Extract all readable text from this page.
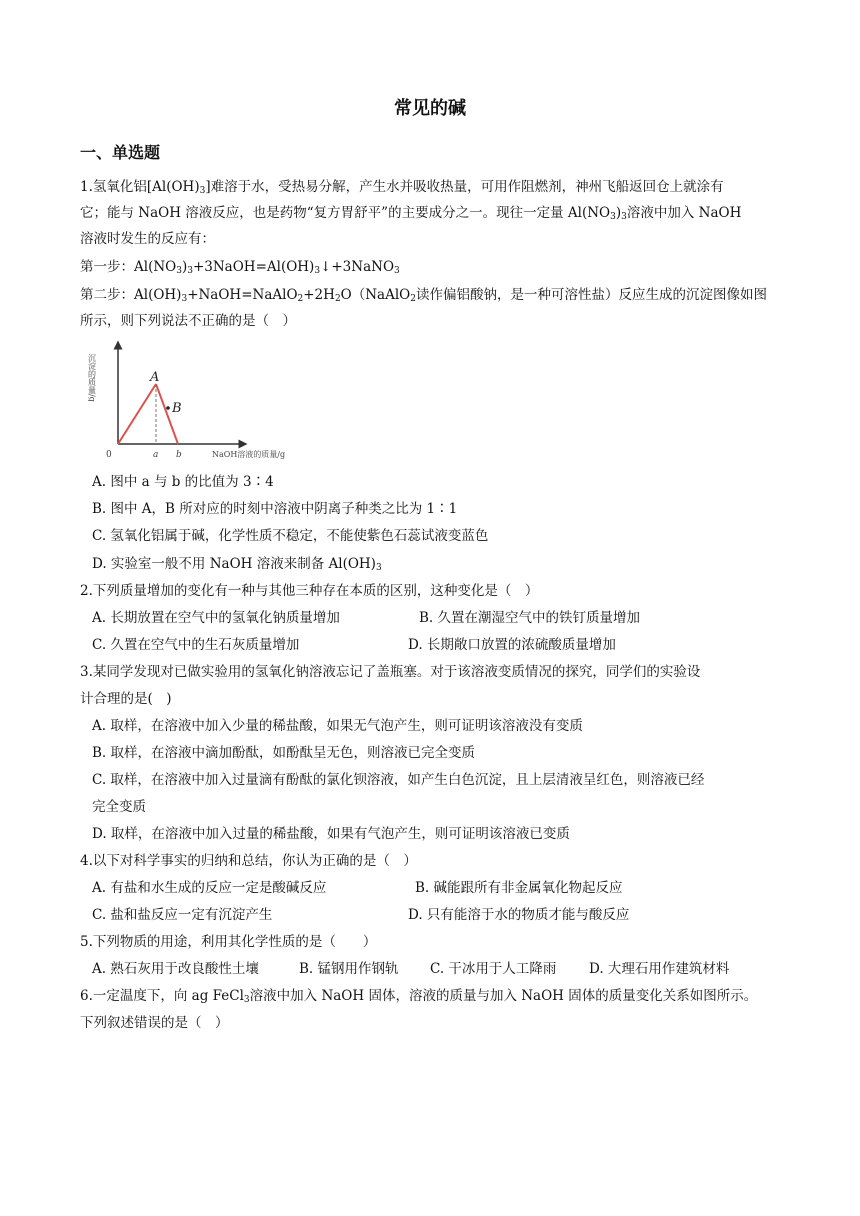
常见的碱
一、单选题
1.氢氧化铝$[Al(OH)_3]$难溶于水，受热易分解，产生水并吸收热量，可用作阻燃剂，神州飞船返回仓上就涂有
它；能与 NaOH 溶液反应，也是药物“复方胃舒平”的主要成分之一。现往一定量 $Al(NO_3)_3$溶液中加入 NaOH
溶液时发生的反应有：
第一步：$Al(NO_3)_3+3NaOH=Al(OH)_3↓+3NaNO_3$
第二步：$Al(OH)_3+NaOH=NaAlO_2+2H_2O(NaAlO_2$读作偏铝酸钠，是一种可溶性盐）反应生成的沉淀图像如图
所示，则下列说法不正确的是（　）
沉淀的质量/g	A
B
0	a b	NaOH溶液的质量/g
A. 图中 a 与 b 的比值为 3∶4
B. 图中 A，B 所对应的时刻中溶液中阴离子种类之比为 1∶1
C. 氢氧化铝属于碱，化学性质不稳定，不能使紫色石蕊试液变蓝色
D. 实验室一般不用 NaOH 溶液来制备 $Al(OH)_3$
2.下列质量增加的变化有一种与其他三种存在本质的区别，这种变化是（　）
A. 长期放置在空气中的氢氧化钠质量增加	B. 久置在潮湿空气中的铁钉质量增加
C. 久置在空气中的生石灰质量增加	D. 长期敞口放置的浓硫酸质量增加
3.某同学发现对已做实验用的氢氧化钠溶液忘记了盖瓶塞。对于该溶液变质情况的探究，同学们的实验设
计合理的是(　)
A. 取样，在溶液中加入少量的稀盐酸，如果无气泡产生，则可证明该溶液没有变质
B. 取样，在溶液中滴加酚酞，如酚酞呈无色，则溶液已完全变质
C. 取样，在溶液中加入过量滴有酚酞的氯化钡溶液，如产生白色沉淀，且上层清液呈红色，则溶液已经
完全变质
D. 取样，在溶液中加入过量的稀盐酸，如果有气泡产生，则可证明该溶液已变质
4.以下对科学事实的归纳和总结，你认为正确的是（　）
A. 有盐和水生成的反应一定是酸碱反应	B. 碱能跟所有非金属氧化物起反应
C. 盐和盐反应一定有沉淀产生	D. 只有能溶于水的物质才能与酸反应
5.下列物质的用途，利用其化学性质的是（　　）
A. 熟石灰用于改良酸性土壤	B. 锰钢用作钢轨 C. 干冰用于人工降雨 D. 大理石用作建筑材料
6.一定温度下，向 ag FeCl$_3$溶液中加入 NaOH 固体，溶液的质量与加入 NaOH 固体的质量变化关系如图所示。
下列叙述错误的是（　）
